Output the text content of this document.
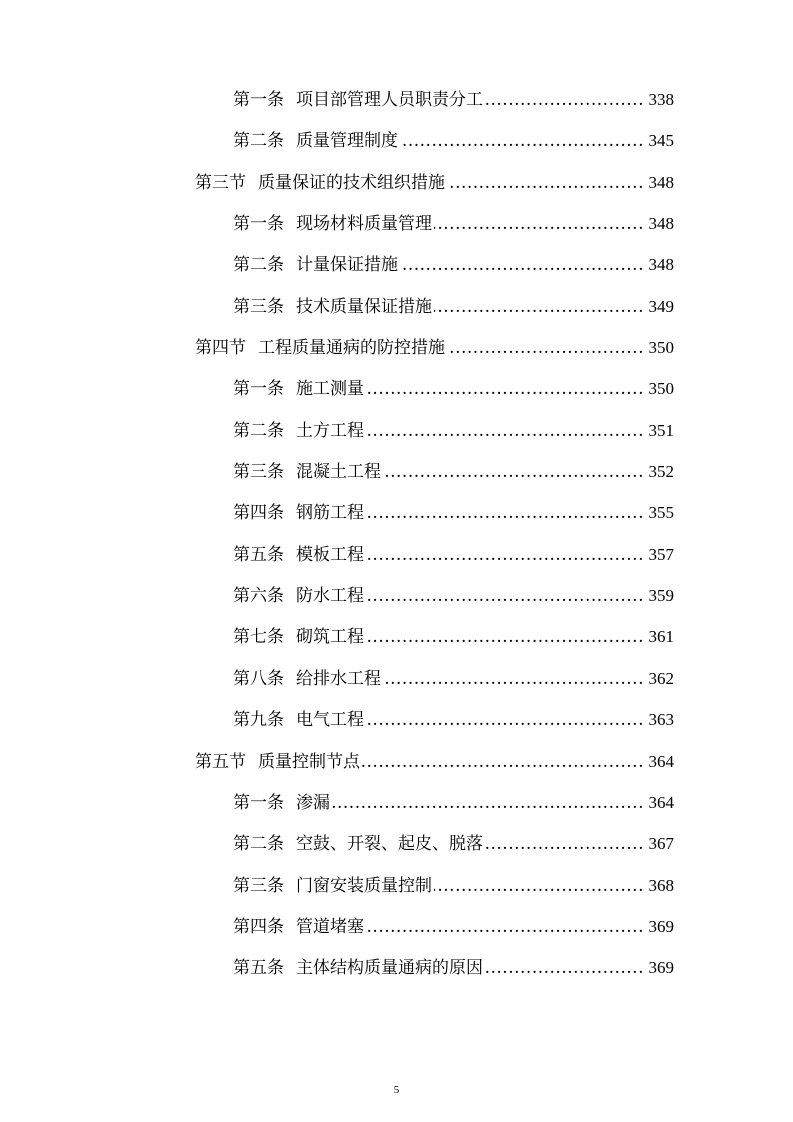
第一条 项目部管理人员职责分工 .....	338
第二条 质量管理制度 .....	345
第三节 质量保证的技术组织措施 .....	348
第一条 现场材料质量管理 .....	348
第二条 计量保证措施 .....	348
第三条 技术质量保证措施 .....	349
第四节 工程质量通病的防控措施 .....	350
第一条 施工测量 .....	350
第二条 土方工程 .....	351
第三条 混凝土工程 .....	352
第四条 钢筋工程 .....	355
第五条 模板工程 .....	357
第六条 防水工程 .....	359
第七条 砌筑工程 .....	361
第八条 给排水工程 .....	362
第九条 电气工程 .....	363
第五节 质量控制节点 .....	364
第一条 渗漏 .....	364
第二条 空鼓、开裂、起皮、脱落 .....	367
第三条 门窗安装质量控制 .....	368
第四条 管道堵塞 .....	369
第五条 主体结构质量通病的原因 .....	369
5
